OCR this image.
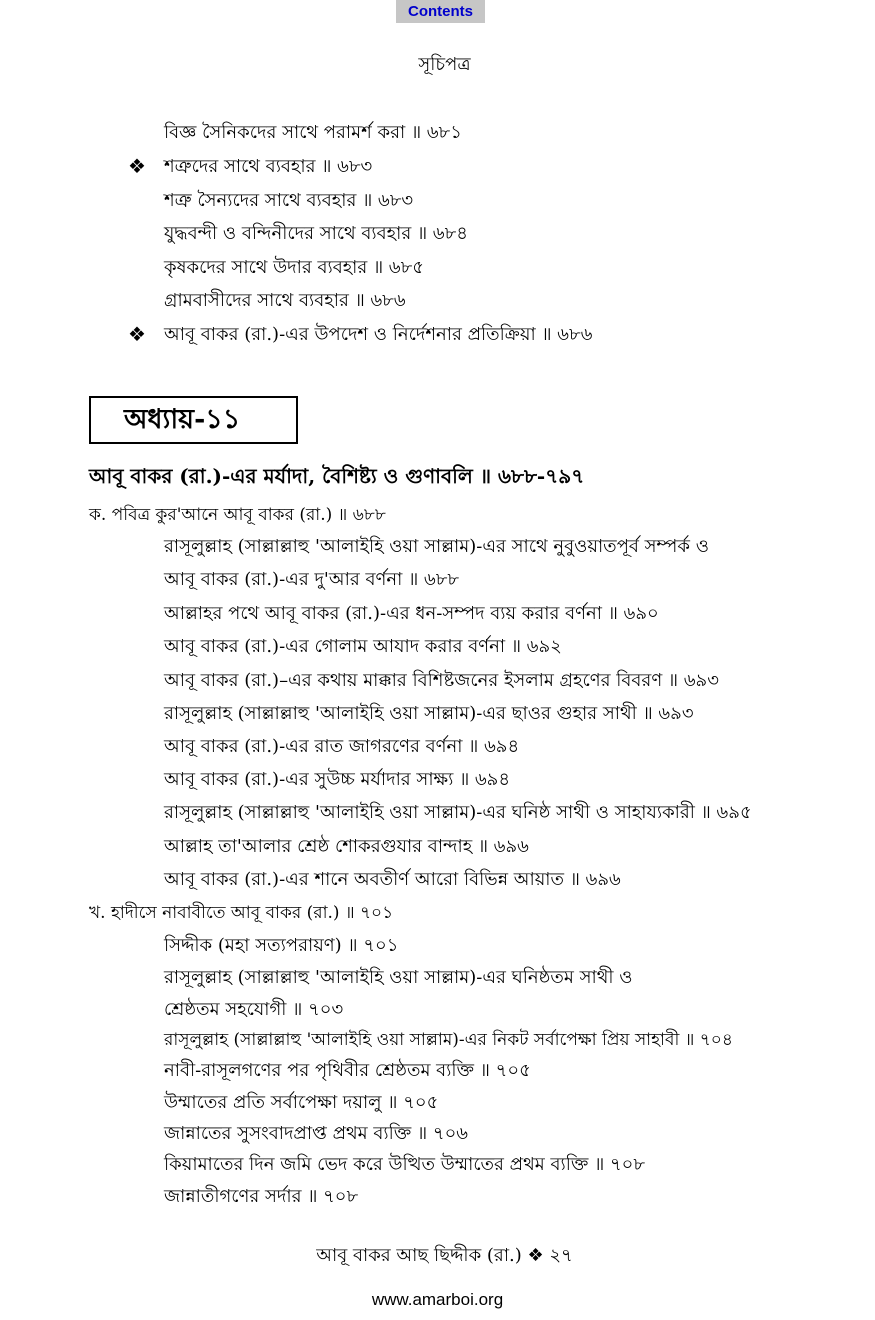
Contents
সূচিপত্র
বিজ্ঞ সৈনিকদের সাথে পরামর্শ করা ॥ ৬৮১
❖ শত্রুদের সাথে ব্যবহার ॥ ৬৮৩
শত্রু সৈন্যদের সাথে ব্যবহার ॥ ৬৮৩
যুদ্ধবন্দী ও বন্দিনীদের সাথে ব্যবহার ॥ ৬৮৪
কৃষকদের সাথে উদার ব্যবহার ॥ ৬৮৫
গ্রামবাসীদের সাথে ব্যবহার ॥ ৬৮৬
❖ আবূ বাকর (রা.)-এর উপদেশ ও নির্দেশনার প্রতিক্রিয়া ॥ ৬৮৬
অধ্যায়-১১
আবূ বাকর (রা.)-এর মর্যাদা, বৈশিষ্ট্য ও গুণাবলি ॥ ৬৮৮-৭৯৭
ক. পবিত্র কুর'আনে আবূ বাকর (রা.) ॥ ৬৮৮
রাসূলুল্লাহ (সাল্লাল্লাহু 'আলাইহি ওয়া সাল্লাম)-এর সাথে নুবুওয়াতপূর্ব সম্পর্ক ও
আবূ বাকর (রা.)-এর দু'আর বর্ণনা ॥ ৬৮৮
আল্লাহর পথে আবূ বাকর (রা.)-এর ধন-সম্পদ ব্যয় করার বর্ণনা ॥ ৬৯০
আবূ বাকর (রা.)-এর গোলাম আযাদ করার বর্ণনা ॥ ৬৯২
আবূ বাকর (রা.)–এর কথায় মাক্কার বিশিষ্টজনের ইসলাম গ্রহণের বিবরণ ॥ ৬৯৩
রাসূলুল্লাহ (সাল্লাল্লাহু 'আলাইহি ওয়া সাল্লাম)-এর ছাওর গুহার সাথী ॥ ৬৯৩
আবূ বাকর (রা.)-এর রাত জাগরণের বর্ণনা ॥ ৬৯৪
আবূ বাকর (রা.)-এর সুউচ্চ মর্যাদার সাক্ষ্য ॥ ৬৯৪
রাসূলুল্লাহ (সাল্লাল্লাহু 'আলাইহি ওয়া সাল্লাম)-এর ঘনিষ্ঠ সাথী ও সাহায্যকারী ॥ ৬৯৫
আল্লাহ তা'আলার শ্রেষ্ঠ শোকরগুযার বান্দাহ ॥ ৬৯৬
আবূ বাকর (রা.)-এর শানে অবতীর্ণ আরো বিভিন্ন আয়াত ॥ ৬৯৬
খ. হাদীসে নাবাবীতে আবূ বাকর (রা.) ॥ ৭০১
সিদ্দীক (মহা সত্যপরায়ণ) ॥ ৭০১
রাসূলুল্লাহ (সাল্লাল্লাহু 'আলাইহি ওয়া সাল্লাম)-এর ঘনিষ্ঠতম সাথী ও
শ্রেষ্ঠতম সহযোগী ॥ ৭০৩
রাসূলুল্লাহ (সাল্লাল্লাহু 'আলাইহি ওয়া সাল্লাম)-এর নিকট সর্বাপেক্ষা প্রিয় সাহাবী ॥ ৭০৪
নাবী-রাসূলগণের পর পৃথিবীর শ্রেষ্ঠতম ব্যক্তি ॥ ৭০৫
উম্মাতের প্রতি সর্বাপেক্ষা দয়ালু ॥ ৭০৫
জান্নাতের সুসংবাদপ্রাপ্ত প্রথম ব্যক্তি ॥ ৭০৬
কিয়ামাতের দিন জমি ভেদ করে উত্থিত উম্মাতের প্রথম ব্যক্তি ॥ ৭০৮
জান্নাতীগণের সর্দার ॥ ৭০৮
আবূ বাকর আছ ছিদ্দীক (রা.) ❖ ২৭
www.amarboi.org
